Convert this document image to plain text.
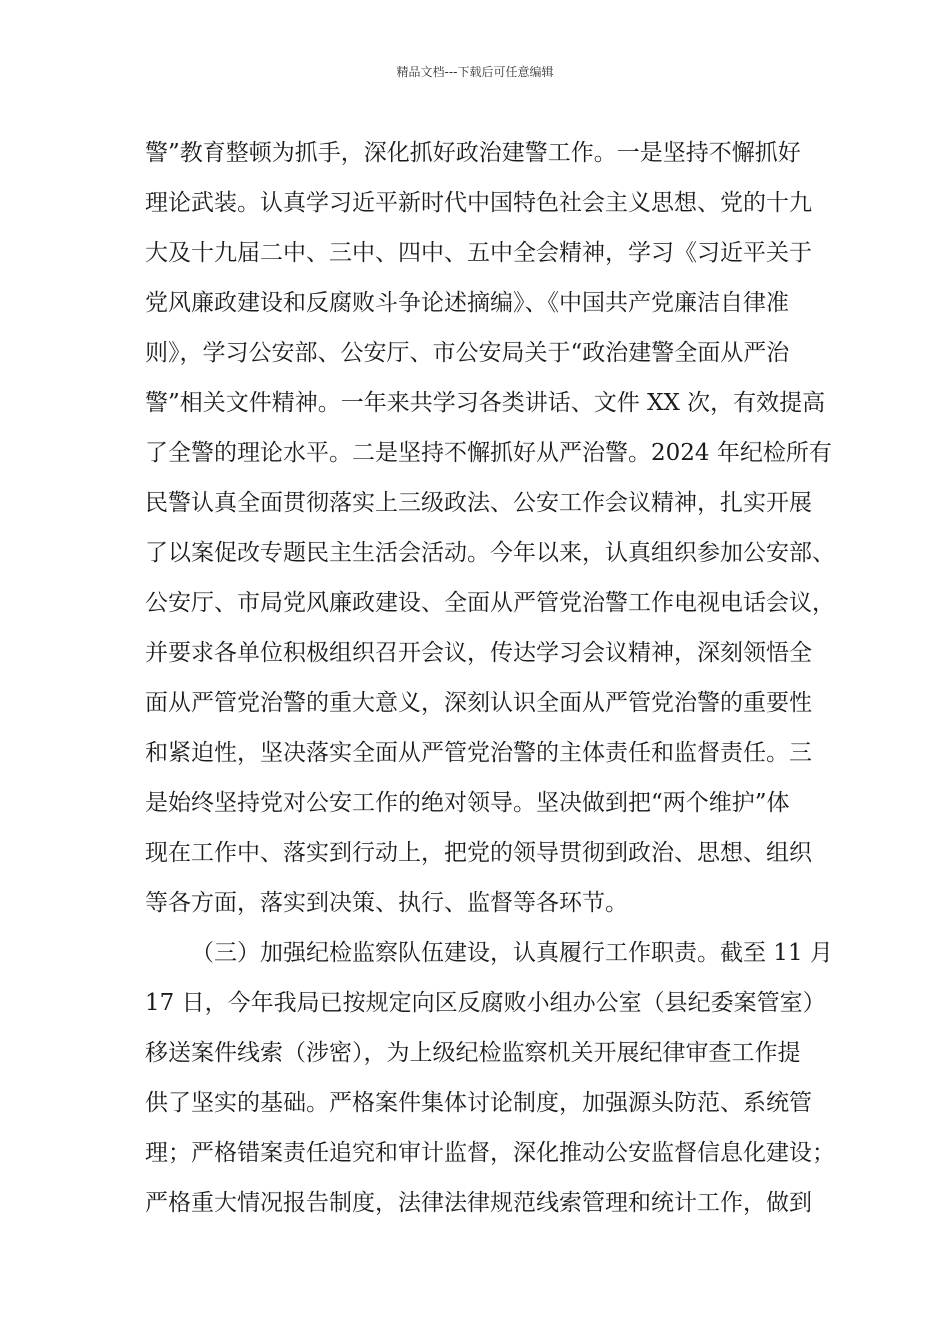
精品文档---下载后可任意编辑
警”教育整顿为抓手，深化抓好政治建警工作。一是坚持不懈抓好
理论武装。认真学习近平新时代中国特色社会主义思想、党的十九
大及十九届二中、三中、四中、五中全会精神，学习《习近平关于
党风廉政建设和反腐败斗争论述摘编》、《中国共产党廉洁自律准
则》，学习公安部、公安厅、市公安局关于“政治建警全面从严治
警”相关文件精神。一年来共学习各类讲话、文件 XX 次，有效提高
了全警的理论水平。二是坚持不懈抓好从严治警。2024 年纪检所有
民警认真全面贯彻落实上三级政法、公安工作会议精神，扎实开展
了以案促改专题民主生活会活动。今年以来，认真组织参加公安部、
公安厅、市局党风廉政建设、全面从严管党治警工作电视电话会议，
并要求各单位积极组织召开会议，传达学习会议精神，深刻领悟全
面从严管党治警的重大意义，深刻认识全面从严管党治警的重要性
和紧迫性，坚决落实全面从严管党治警的主体责任和监督责任。三
是始终坚持党对公安工作的绝对领导。坚决做到把“两个维护”体
现在工作中、落实到行动上，把党的领导贯彻到政治、思想、组织
等各方面，落实到决策、执行、监督等各环节。
（三）加强纪检监察队伍建设，认真履行工作职责。截至 11 月
17 日，今年我局已按规定向区反腐败小组办公室（县纪委案管室）
移送案件线索（涉密），为上级纪检监察机关开展纪律审查工作提
供了坚实的基础。严格案件集体讨论制度，加强源头防范、系统管
理；严格错案责任追究和审计监督，深化推动公安监督信息化建设；
严格重大情况报告制度，法律法律规范线索管理和统计工作，做到
